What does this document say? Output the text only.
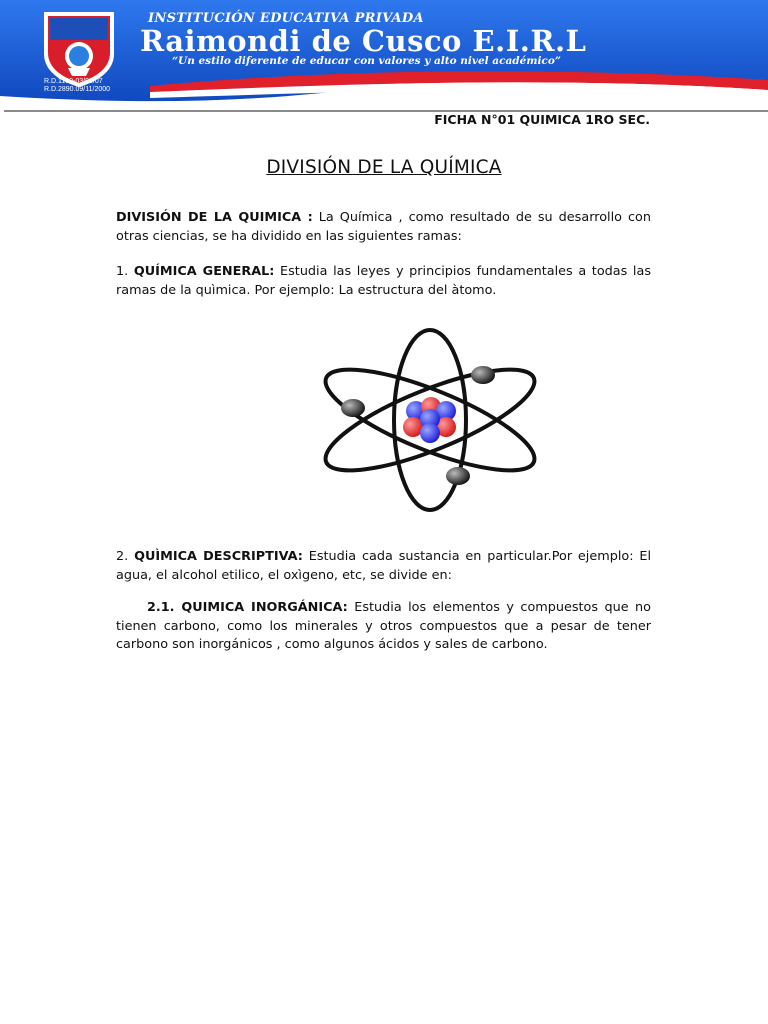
R.D.1190-03/08/07
R.D.2890.09/11/2000
INSTITUCIÓN EDUCATIVA PRIVADA
Raimondi de Cusco E.I.R.L
“Un estilo diferente de educar con valores y alto nivel académico”
FICHA N°01 QUIMICA 1RO SEC.
DIVISIÓN DE LA QUÍMICA

DIVISIÓN DE LA QUIMICA : La Química , como resultado de su desarrollo con otras ciencias, se ha dividido en las siguientes ramas:

1. QUÍMICA GENERAL: Estudia las leyes y principios fundamentales a todas las ramas de la quìmica. Por ejemplo: La estructura del àtomo.

2. QUÌMICA DESCRIPTIVA: Estudia cada sustancia en particular.Por ejemplo: El agua, el alcohol etilico, el oxìgeno, etc, se divide en:

2.1. QUIMICA INORGÁNICA: Estudia los elementos y compuestos que no tienen carbono, como los minerales y otros compuestos que a pesar de tener carbono son inorgánicos , como algunos ácidos y sales de carbono.
